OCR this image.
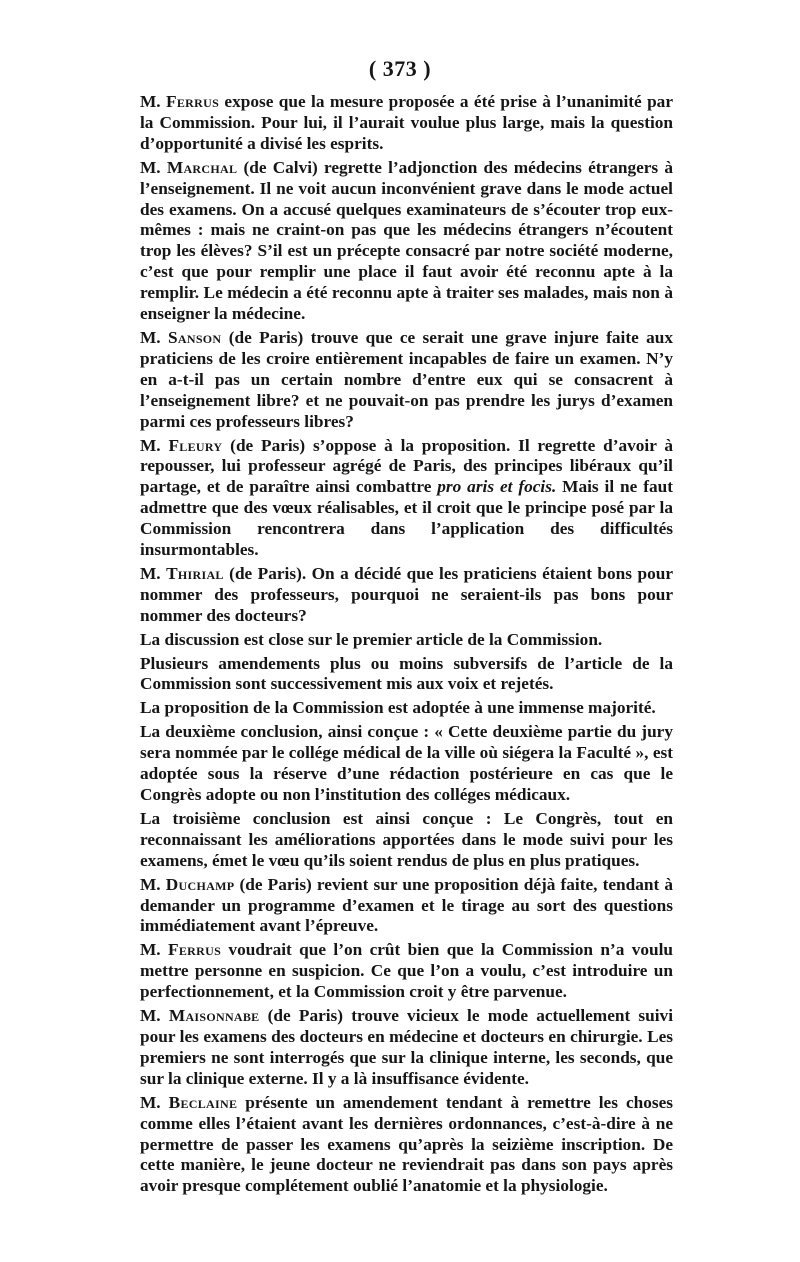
( 373 )

M. Ferrus expose que la mesure proposée a été prise à l’unanimité par la Commission. Pour lui, il l’aurait voulue plus large, mais la question d’opportunité a divisé les esprits.

M. Marchal (de Calvi) regrette l’adjonction des médecins étrangers à l’enseignement. Il ne voit aucun inconvénient grave dans le mode actuel des examens. On a accusé quelques examinateurs de s’écouter trop eux-mêmes : mais ne craint-on pas que les médecins étrangers n’écoutent trop les élèves? S’il est un précepte consacré par notre société moderne, c’est que pour remplir une place il faut avoir été reconnu apte à la remplir. Le médecin a été reconnu apte à traiter ses malades, mais non à enseigner la médecine.

M. Sanson (de Paris) trouve que ce serait une grave injure faite aux praticiens de les croire entièrement incapables de faire un examen. N’y en a-t-il pas un certain nombre d’entre eux qui se consacrent à l’enseignement libre? et ne pouvait-on pas prendre les jurys d’examen parmi ces professeurs libres?

M. Fleury (de Paris) s’oppose à la proposition. Il regrette d’avoir à repousser, lui professeur agrégé de Paris, des principes libéraux qu’il partage, et de paraître ainsi combattre pro aris et focis. Mais il ne faut admettre que des vœux réalisables, et il croit que le principe posé par la Commission rencontrera dans l’application des difficultés insurmontables.

M. Thirial (de Paris). On a décidé que les praticiens étaient bons pour nommer des professeurs, pourquoi ne seraient-ils pas bons pour nommer des docteurs?

La discussion est close sur le premier article de la Commission.

Plusieurs amendements plus ou moins subversifs de l’article de la Commission sont successivement mis aux voix et rejetés.

La proposition de la Commission est adoptée à une immense majorité.

La deuxième conclusion, ainsi conçue : « Cette deuxième partie du jury sera nommée par le collége médical de la ville où siégera la Faculté », est adoptée sous la réserve d’une rédaction postérieure en cas que le Congrès adopte ou non l’institution des colléges médicaux.

La troisième conclusion est ainsi conçue : Le Congrès, tout en reconnaissant les améliorations apportées dans le mode suivi pour les examens, émet le vœu qu’ils soient rendus de plus en plus pratiques.

M. Duchamp (de Paris) revient sur une proposition déjà faite, tendant à demander un programme d’examen et le tirage au sort des questions immédiatement avant l’épreuve.

M. Ferrus voudrait que l’on crût bien que la Commission n’a voulu mettre personne en suspicion. Ce que l’on a voulu, c’est introduire un perfectionnement, et la Commission croit y être parvenue.

M. Maisonnabe (de Paris) trouve vicieux le mode actuellement suivi pour les examens des docteurs en médecine et docteurs en chirurgie. Les premiers ne sont interrogés que sur la clinique interne, les seconds, que sur la clinique externe. Il y a là insuffisance évidente.

M. Beclaine présente un amendement tendant à remettre les choses comme elles l’étaient avant les dernières ordonnances, c’est-à-dire à ne permettre de passer les examens qu’après la seizième inscription. De cette manière, le jeune docteur ne reviendrait pas dans son pays après avoir presque complétement oublié l’anatomie et la physiologie.
